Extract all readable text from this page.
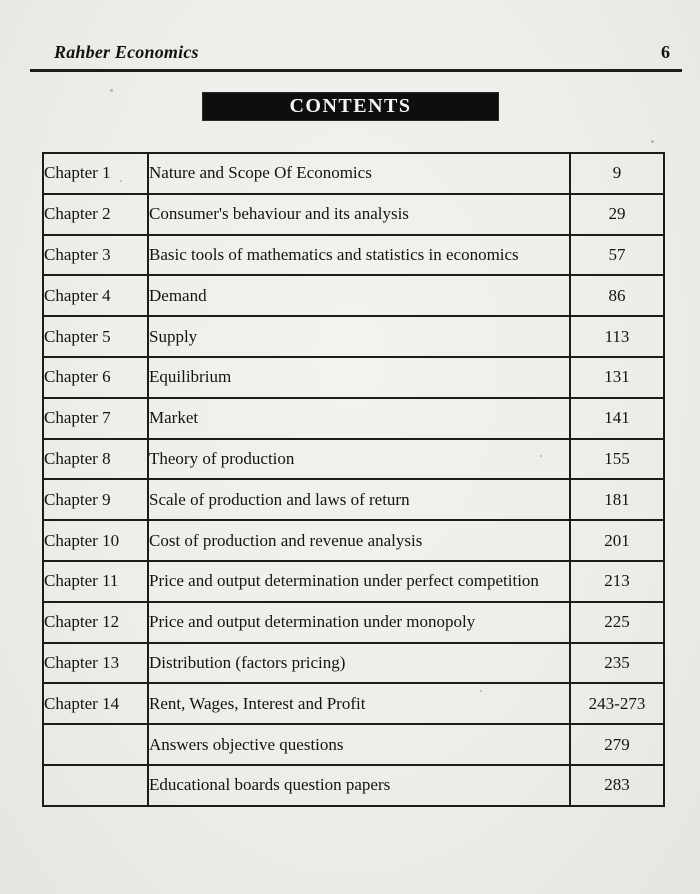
Rahber Economics	6
CONTENTS
Chapter 1	Nature and Scope Of Economics	9
Chapter 2	Consumer's behaviour and its analysis	29
Chapter 3	Basic tools of mathematics and statistics in economics	57
Chapter 4	Demand	86
Chapter 5	Supply	113
Chapter 6	Equilibrium	131
Chapter 7	Market	141
Chapter 8	Theory of production	155
Chapter 9	Scale of production and laws of return	181
Chapter 10	Cost of production and revenue analysis	201
Chapter 11	Price and output determination under perfect competition	213
Chapter 12	Price and output determination under monopoly	225
Chapter 13	Distribution (factors pricing)	235
Chapter 14	Rent, Wages, Interest and Profit	243-273
	Answers objective questions	279
	Educational boards question papers	283
